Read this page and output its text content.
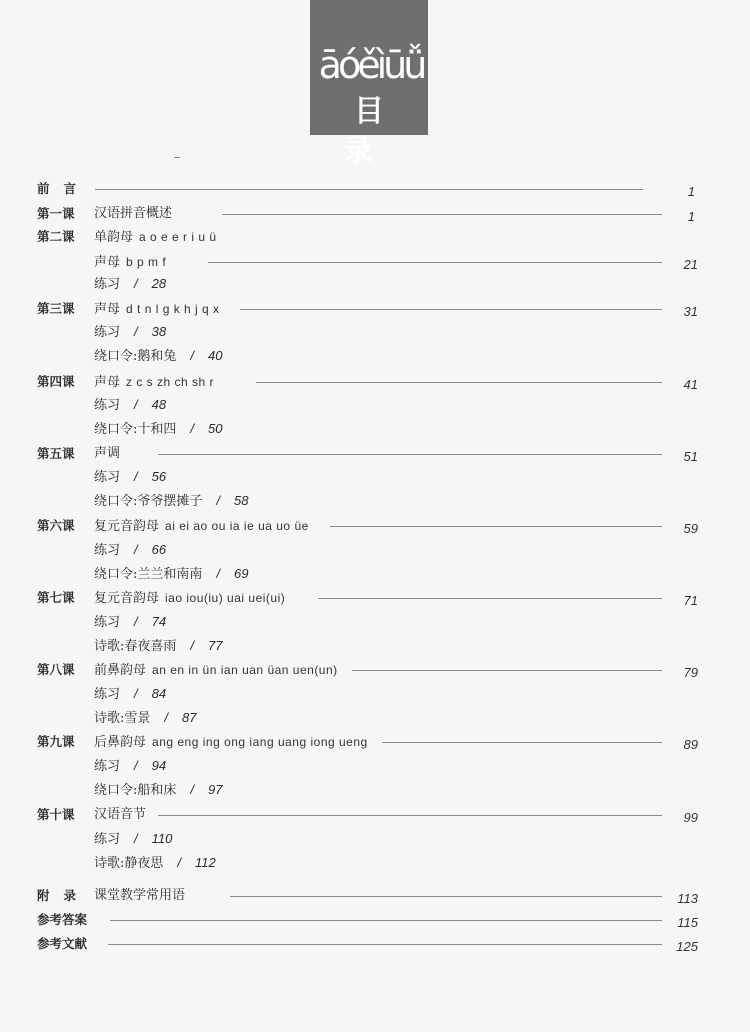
āóěìūǚ
目录
前言	1
第一课 汉语拼音概述	1
第二课 单韵母 a o e e r i u ü
声母 b p m f	21
练习 / 28
第三课 声母 d t n l g k h j q x	31
练习 / 38
绕口令:鹅和兔 / 40
第四课 声母 z c s zh ch sh r	41
练习 / 48
绕口令:十和四 / 50
第五课 声调	51
练习 / 56
绕口令:爷爷摆摊子 / 58
第六课 复元音韵母 ai ei ao ou ia ie ua uo üe	59
练习 / 66
绕口令:兰兰和南南 / 69
第七课 复元音韵母 iao iou(iu) uai uei(ui)	71
练习 / 74
诗歌:春夜喜雨 / 77
第八课 前鼻韵母 an en in ün ian uan üan uen(un)	79
练习 / 84
诗歌:雪景 / 87
第九课 后鼻韵母 ang eng ing ong iang uang iong ueng	89
练习 / 94
绕口令:船和床 / 97
第十课 汉语音节	99
练习 / 110
诗歌:静夜思 / 112
附录 课堂教学常用语	113
参考答案	115
参考文献	125
